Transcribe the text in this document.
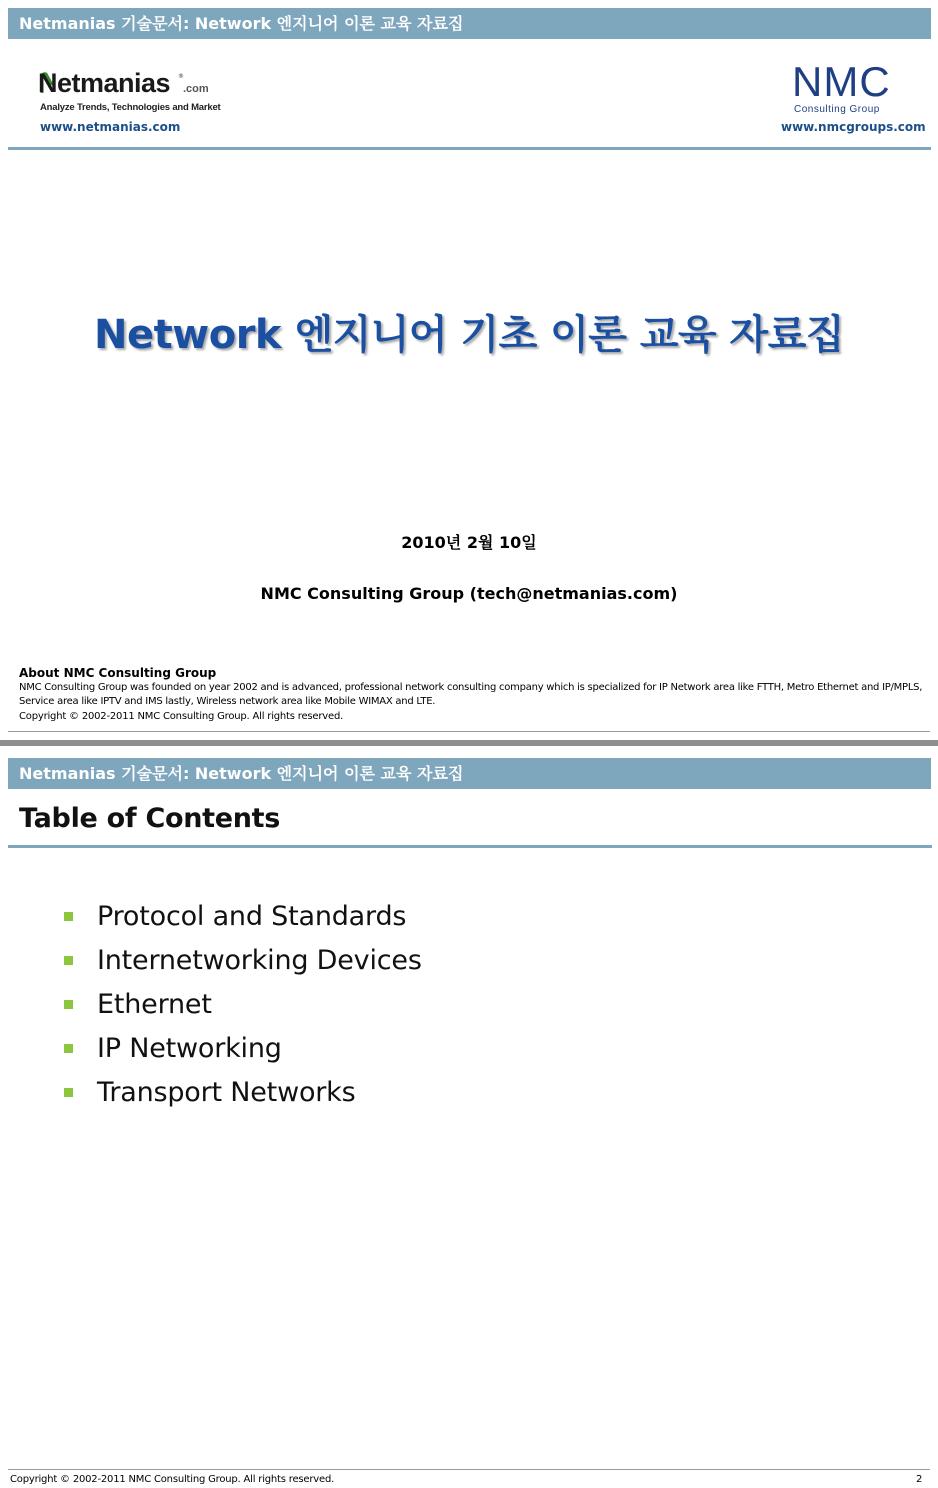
Netmanias 기술문서: Network 엔지니어 이론 교육 자료집
Netmanias ®
.com
Analyze Trends, Technologies and Market
www.netmanias.com
NMC
Consulting Group
www.nmcgroups.com
Network 엔지니어 기초 이론 교육 자료집
2010년 2월 10일
NMC Consulting Group (tech@netmanias.com)
About NMC Consulting Group
NMC Consulting Group was founded on year 2002 and is advanced, professional network consulting company which is specialized for IP Network area like FTTH, Metro Ethernet and IP/MPLS, Service area like IPTV and IMS lastly, Wireless network area like Mobile WIMAX and LTE.
Copyright © 2002-2011 NMC Consulting Group. All rights reserved.
Netmanias 기술문서: Network 엔지니어 이론 교육 자료집
Table of Contents
Protocol and Standards
Internetworking Devices
Ethernet
IP Networking
Transport Networks
Copyright © 2002-2011 NMC Consulting Group. All rights reserved.	2
